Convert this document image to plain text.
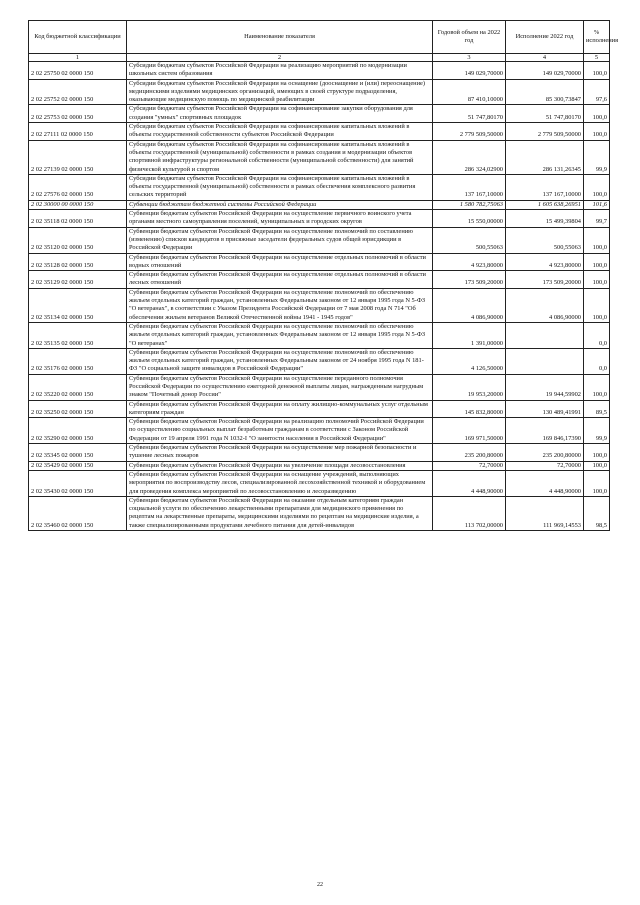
Код бюджетной классификации	Наименование показателя	Годовой объем на 2022 год	Исполнение 2022 год	% исполнения
1	2	3	4	5
2 02 25750 02 0000 150	Субсидии бюджетам субъектов Российской Федерации на реализацию мероприятий по модернизации школьных систем образования	149 029,70000	149 029,70000	100,0
2 02 25752 02 0000 150	Субсидии бюджетам субъектов Российской Федерации на оснащение (дооснащение и (или) переоснащение) медицинскими изделиями медицинских организаций, имеющих в своей структуре подразделения, оказывающие медицинскую помощь по медицинской реабилитации	87 410,10000	85 300,73847	97,6
2 02 25753 02 0000 150	Субсидии бюджетам субъектов Российской Федерации на софинансирование закупки оборудования для создания "умных" спортивных площадок	51 747,80170	51 747,80170	100,0
2 02 27111 02 0000 150	Субсидии бюджетам субъектов Российской Федерации на софинансирование капитальных вложений в объекты государственной собственности субъектов Российской Федерации	2 779 509,50000	2 779 509,50000	100,0
2 02 27139 02 0000 150	Субсидии бюджетам субъектов Российской Федерации на софинансирование капитальных вложений в объекты государственной (муниципальной) собственности в рамках создания и модернизации объектов спортивной инфраструктуры региональной собственности (муниципальной собственности) для занятий физической культурой и спортом	286 324,02900	286 131,26345	99,9
2 02 27576 02 0000 150	Субсидии бюджетам субъектов Российской Федерации на софинансирование капитальных вложений в объекты государственной (муниципальной) собственности в рамках обеспечения комплексного развития сельских территорий	137 167,10000	137 167,10000	100,0
2 02 30000 00 0000 150	Субвенции бюджетам бюджетной системы Российской Федерации	1 580 782,75063	1 605 638,26951	101,6
2 02 35118 02 0000 150	Субвенции бюджетам субъектов Российской Федерации на осуществление первичного воинского учета органами местного самоуправления поселений, муниципальных и городских округов	15 550,00000	15 499,39804	99,7
2 02 35120 02 0000 150	Субвенции бюджетам субъектов Российской Федерации на осуществление полномочий по составлению (изменению) списков кандидатов в присяжные заседатели федеральных судов общей юрисдикции в Российской Федерации	500,55063	500,55063	100,0
2 02 35128 02 0000 150	Субвенции бюджетам субъектов Российской Федерации на осуществление отдельных полномочий в области водных отношений	4 923,80000	4 923,80000	100,0
2 02 35129 02 0000 150	Субвенции бюджетам субъектов Российской Федерации на осуществление отдельных полномочий в области лесных отношений	173 509,20000	173 509,20000	100,0
2 02 35134 02 0000 150	Субвенции бюджетам субъектов Российской Федерации на осуществление полномочий по обеспечению жильем отдельных категорий граждан, установленных Федеральным законом от 12 января 1995 года N 5-ФЗ "О ветеранах", в соответствии с Указом Президента Российской Федерации от 7 мая 2008 года N 714 "Об обеспечении жильем ветеранов Великой Отечественной войны 1941 - 1945 годов"	4 086,90000	4 086,90000	100,0
2 02 35135 02 0000 150	Субвенции бюджетам субъектов Российской Федерации на осуществление полномочий по обеспечению жильем отдельных категорий граждан, установленных Федеральным законом от 12 января 1995 года N 5-ФЗ "О ветеранах"	1 391,00000		0,0
2 02 35176 02 0000 150	Субвенции бюджетам субъектов Российской Федерации на осуществление полномочий по обеспечению жильем отдельных категорий граждан, установленных Федеральным законом от 24 ноября 1995 года N 181-ФЗ "О социальной защите инвалидов в Российской Федерации"	4 126,50000		0,0
2 02 35220 02 0000 150	Субвенции бюджетам субъектов Российской Федерации на осуществление переданного полномочия Российской Федерации по осуществлению ежегодной денежной выплаты лицам, награжденным нагрудным знаком "Почетный донор России"	19 953,20000	19 944,59902	100,0
2 02 35250 02 0000 150	Субвенции бюджетам субъектов Российской Федерации на оплату жилищно-коммунальных услуг отдельным категориям граждан	145 832,80000	130 489,41991	89,5
2 02 35290 02 0000 150	Субвенции бюджетам субъектов Российской Федерации на реализацию полномочий Российской Федерации по осуществлению социальных выплат безработным гражданам в соответствии с Законом Российской Федерации от 19 апреля 1991 года N 1032-I "О занятости населения в Российской Федерации"	169 971,50000	169 846,17390	99,9
2 02 35345 02 0000 150	Субвенции бюджетам субъектов Российской Федерации на осуществление мер пожарной безопасности и тушение лесных пожаров	235 200,80000	235 200,80000	100,0
2 02 35429 02 0000 150	Субвенции бюджетам субъектов Российской Федерации на увеличение площади лесовосстановления	72,70000	72,70000	100,0
2 02 35430 02 0000 150	Субвенции бюджетам субъектов Российской Федерации на оснащение учреждений, выполняющих мероприятия по воспроизводству лесов, специализированной лесохозяйственной техникой и оборудованием для проведения комплекса мероприятий по лесовосстановлению и лесоразведению	4 448,90000	4 448,90000	100,0
2 02 35460 02 0000 150	Субвенции бюджетам субъектов Российской Федерации на оказание отдельным категориям граждан социальной услуги по обеспечению лекарственными препаратами для медицинского применения по рецептам на лекарственные препараты, медицинскими изделиями по рецептам на медицинские изделия, а также специализированными продуктами лечебного питания для детей-инвалидов	113 702,00000	111 969,14553	98,5
22
